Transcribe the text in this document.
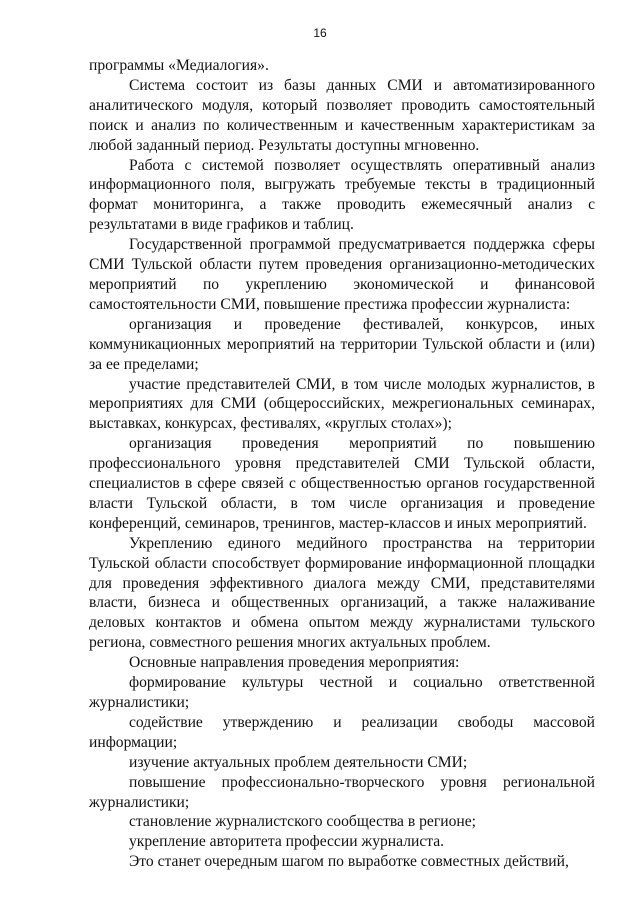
16

программы «Медиалогия».

Система состоит из базы данных СМИ и автоматизированного аналитического модуля, который позволяет проводить самостоятельный поиск и анализ по количественным и качественным характеристикам за любой заданный период. Результаты доступны мгновенно.

Работа с системой позволяет осуществлять оперативный анализ информационного поля, выгружать требуемые тексты в традиционный формат мониторинга, а также проводить ежемесячный анализ с результатами в виде графиков и таблиц.

Государственной программой предусматривается поддержка сферы СМИ Тульской области путем проведения организационно-методических мероприятий по укреплению экономической и финансовой самостоятельности СМИ, повышение престижа профессии журналиста:

организация и проведение фестивалей, конкурсов, иных коммуникационных мероприятий на территории Тульской области и (или) за ее пределами;

участие представителей СМИ, в том числе молодых журналистов, в мероприятиях для СМИ (общероссийских, межрегиональных семинарах, выставках, конкурсах, фестивалях, «круглых столах»);

организация проведения мероприятий по повышению профессионального уровня представителей СМИ Тульской области, специалистов в сфере связей с общественностью органов государственной власти Тульской области, в том числе организация и проведение конференций, семинаров, тренингов, мастер-классов и иных мероприятий.

Укреплению единого медийного пространства на территории Тульской области способствует формирование информационной площадки для проведения эффективного диалога между СМИ, представителями власти, бизнеса и общественных организаций, а также налаживание деловых контактов и обмена опытом между журналистами тульского региона, совместного решения многих актуальных проблем.

Основные направления проведения мероприятия:

формирование культуры честной и социально ответственной журналистики;

содействие утверждению и реализации свободы массовой информации;

изучение актуальных проблем деятельности СМИ;

повышение профессионально-творческого уровня региональной журналистики;

становление журналистского сообщества в регионе;

укрепление авторитета профессии журналиста.

Это станет очередным шагом по выработке совместных действий,
